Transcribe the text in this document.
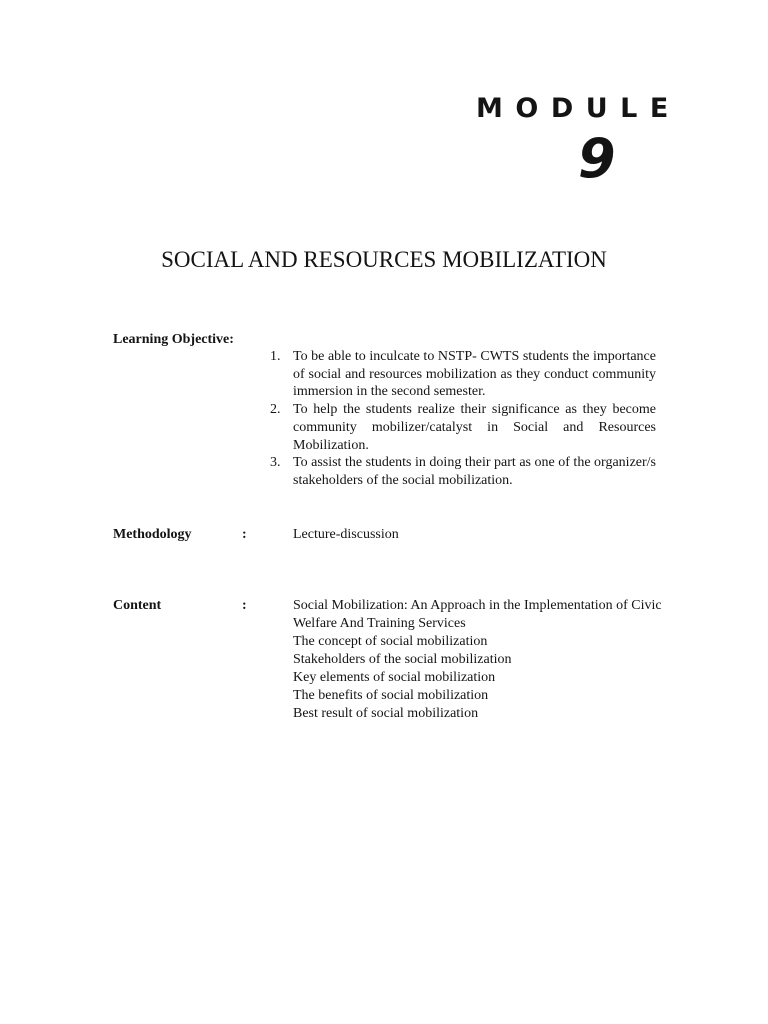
MODULE
9
SOCIAL AND RESOURCES MOBILIZATION
Learning Objective:
1. To be able to inculcate to NSTP- CWTS students the importance of social and resources mobilization as they conduct community immersion in the second semester.
2. To help the students realize their significance as they become community mobilizer/catalyst in Social and Resources Mobilization.
3. To assist the students in doing their part as one of the organizer/s stakeholders of the social mobilization.
Methodology	:	Lecture-discussion
Content	:	Social Mobilization: An Approach in the Implementation of Civic Welfare And Training Services
The concept of social mobilization
Stakeholders of the social mobilization
Key elements of social mobilization
The benefits of social mobilization
Best result of social mobilization
